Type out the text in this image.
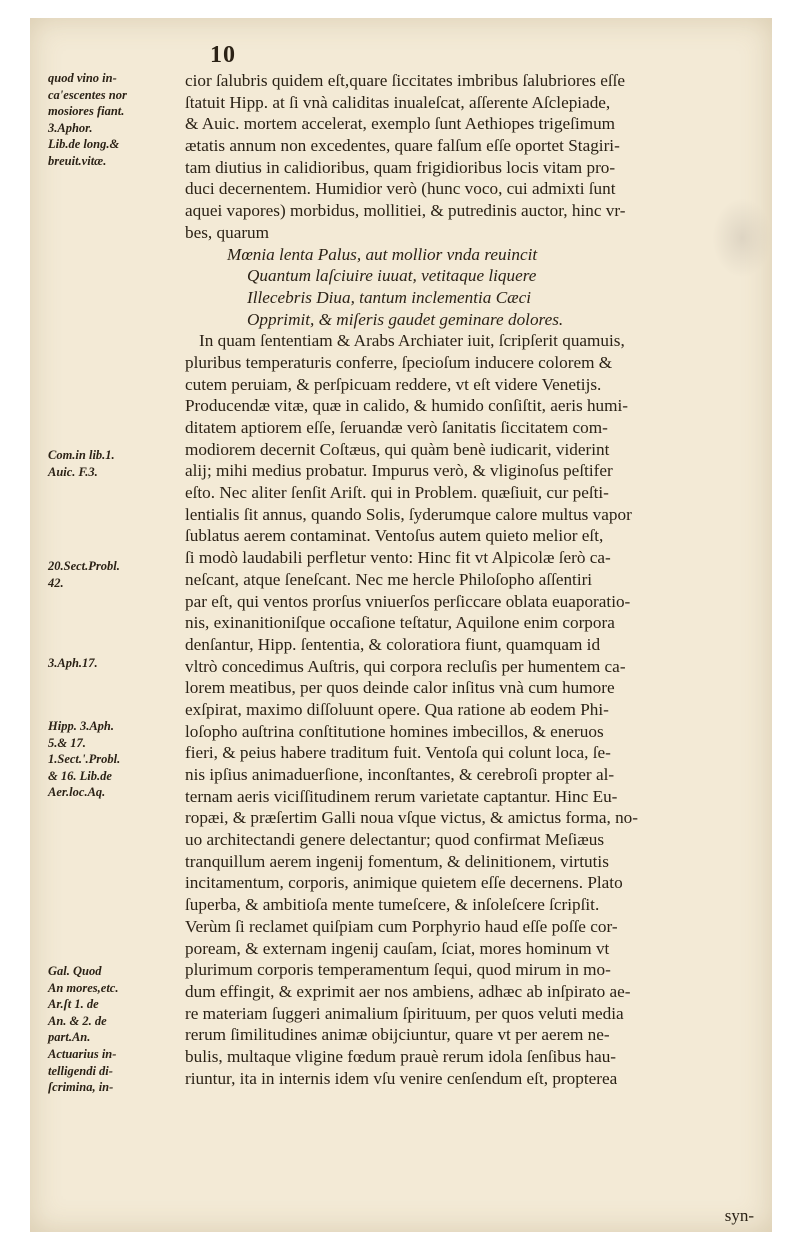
10
quod vino in-
ca'escentes nor
mosiores fiant.
3.Aphor.
Lib.de long.&
breuit.vitæ.
Com.in lib.1.
Auic. F.3.
20.Sect.Probl.
42.
3.Aph.17.
Hipp. 3.Aph.
5.& 17.
1.Sect.'.Probl.
& 16. Lib.de
Aer.loc.Aq.
Gal. Quod
An mores,etc.
Ar.ſt 1. de
An. & 2. de
part.An.
Actuarius in-
telligendi di-
ſcrimina, in-
cior ſalubris quidem eſt,quare ſiccitates imbribus ſalubriores eſſe
ſtatuit Hipp. at ſi vnà caliditas inualeſcat, aſſerente Aſclepiade,
& Auic. mortem accelerat, exemplo ſunt Aethiopes trigeſimum
ætatis annum non excedentes, quare falſum eſſe oportet Stagiri-
tam diutius in calidioribus, quam frigidioribus locis vitam pro-
duci decernentem. Humidior verò (hunc voco, cui admixti ſunt
aquei vapores) morbidus, mollitiei, & putredinis auctor, hinc vr-
bes, quarum
Mœnia lenta Palus, aut mollior vnda reuincit
Quantum laſciuire iuuat, vetitaque liquere
Illecebris Diua, tantum inclementia Cæci
Opprimit, & miſeris gaudet geminare dolores.
In quam ſententiam & Arabs Archiater iuit, ſcripſerit quamuis,
pluribus temperaturis conferre, ſpecioſum inducere colorem &
cutem peruiam, & perſpicuam reddere, vt eſt videre Venetijs.
Producendæ vitæ, quæ in calido, & humido conſiſtit, aeris humi-
ditatem aptiorem eſſe, ſeruandæ verò ſanitatis ſiccitatem com-
modiorem decernit Coſtæus, qui quàm benè iudicarit, viderint
alij; mihi medius probatur. Impurus verò, & vliginoſus peſtifer
eſto. Nec aliter ſenſit Ariſt. qui in Problem. quæſiuit, cur peſti-
lentialis ſit annus, quando Solis, ſyderumque calore multus vapor
ſublatus aerem contaminat. Ventoſus autem quieto melior eſt,
ſi modò laudabili perfletur vento: Hinc fit vt Alpicolæ ſerò ca-
neſcant, atque ſeneſcant. Nec me hercle Philoſopho aſſentiri
par eſt, qui ventos prorſus vniuerſos perſiccare oblata euaporatio-
nis, exinanitioniſque occaſione teſtatur, Aquilone enim corpora
denſantur, Hipp. ſententia, & coloratiora fiunt, quamquam id
vltrò concedimus Auſtris, qui corpora recluſis per humentem ca-
lorem meatibus, per quos deinde calor inſitus vnà cum humore
exſpirat, maximo diſſoluunt opere. Qua ratione ab eodem Phi-
loſopho auſtrina conſtitutione homines imbecillos, & eneruos
fieri, & peius habere traditum fuit. Ventoſa qui colunt loca, ſe-
nis ipſius animaduerſione, inconſtantes, & cerebroſi propter al-
ternam aeris viciſſitudinem rerum varietate captantur. Hinc Eu-
ropæi, & præſertim Galli noua vſque victus, & amictus forma, no-
uo architectandi genere delectantur; quod confirmat Meſiæus
tranquillum aerem ingenij fomentum, & delinitionem, virtutis
incitamentum, corporis, animique quietem eſſe decernens. Plato
ſuperba, & ambitioſa mente tumeſcere, & inſoleſcere ſcripſit.
Verùm ſi reclamet quiſpiam cum Porphyrio haud eſſe poſſe cor-
poream, & externam ingenij cauſam, ſciat, mores hominum vt
plurimum corporis temperamentum ſequi, quod mirum in mo-
dum effingit, & exprimit aer nos ambiens, adhæc ab inſpirato ae-
re materiam ſuggeri animalium ſpirituum, per quos veluti media
rerum ſimilitudines animæ obijciuntur, quare vt per aerem ne-
bulis, multaque vligine fœdum prauè rerum idola ſenſibus hau-
riuntur, ita in internis idem vſu venire cenſendum eſt, propterea
syn-
